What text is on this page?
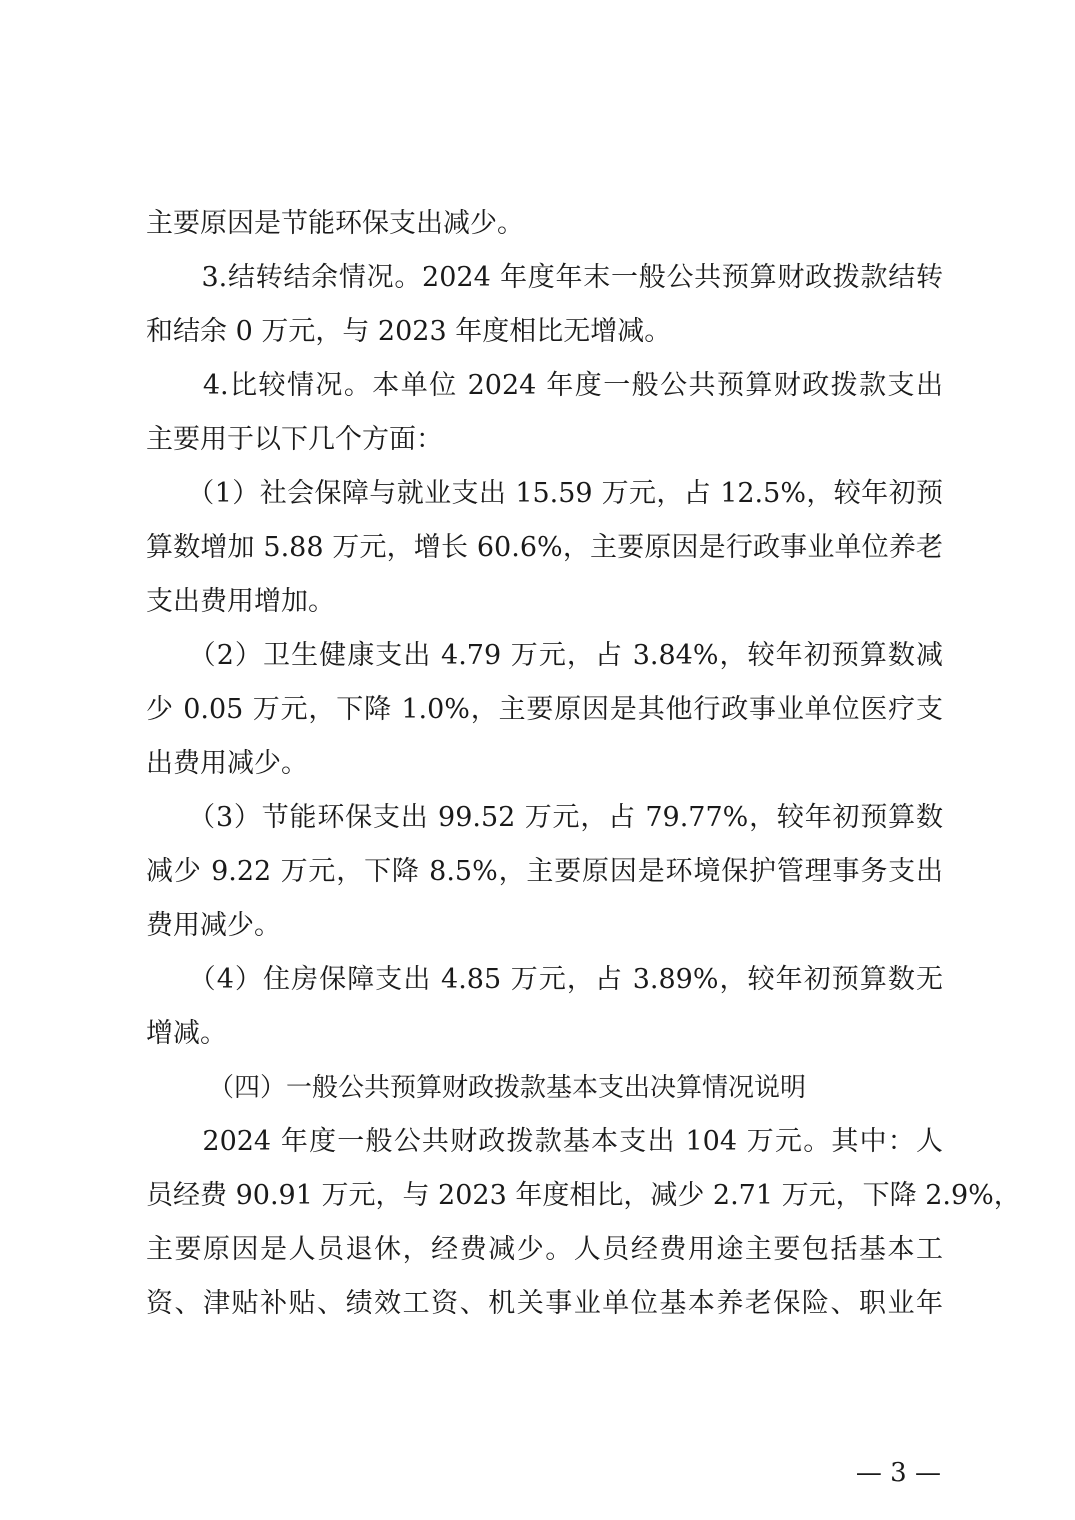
主要原因是节能环保支出减少。
　　3.结转结余情况。2024 年度年末一般公共预算财政拨款结转
和结余 0 万元，与 2023 年度相比无增减。
　　4.比较情况。本单位 2024 年度一般公共预算财政拨款支出
主要用于以下几个方面：
　　（1）社会保障与就业支出 15.59 万元，占 12.5%，较年初预
算数增加 5.88 万元，增长 60.6%，主要原因是行政事业单位养老
支出费用增加。
　　（2）卫生健康支出 4.79 万元，占 3.84%，较年初预算数减
少 0.05 万元，下降 1.0%，主要原因是其他行政事业单位医疗支
出费用减少。
　　（3）节能环保支出 99.52 万元，占 79.77%，较年初预算数
减少 9.22 万元，下降 8.5%，主要原因是环境保护管理事务支出
费用减少。
　　（4）住房保障支出 4.85 万元，占 3.89%，较年初预算数无
增减。
（四）一般公共预算财政拨款基本支出决算情况说明
　　2024 年度一般公共财政拨款基本支出 104 万元。其中：人
员经费 90.91 万元，与 2023 年度相比，减少 2.71 万元，下降 2.9%，
主要原因是人员退休，经费减少。人员经费用途主要包括基本工
资、津贴补贴、绩效工资、机关事业单位基本养老保险、职业年
— 3 —
